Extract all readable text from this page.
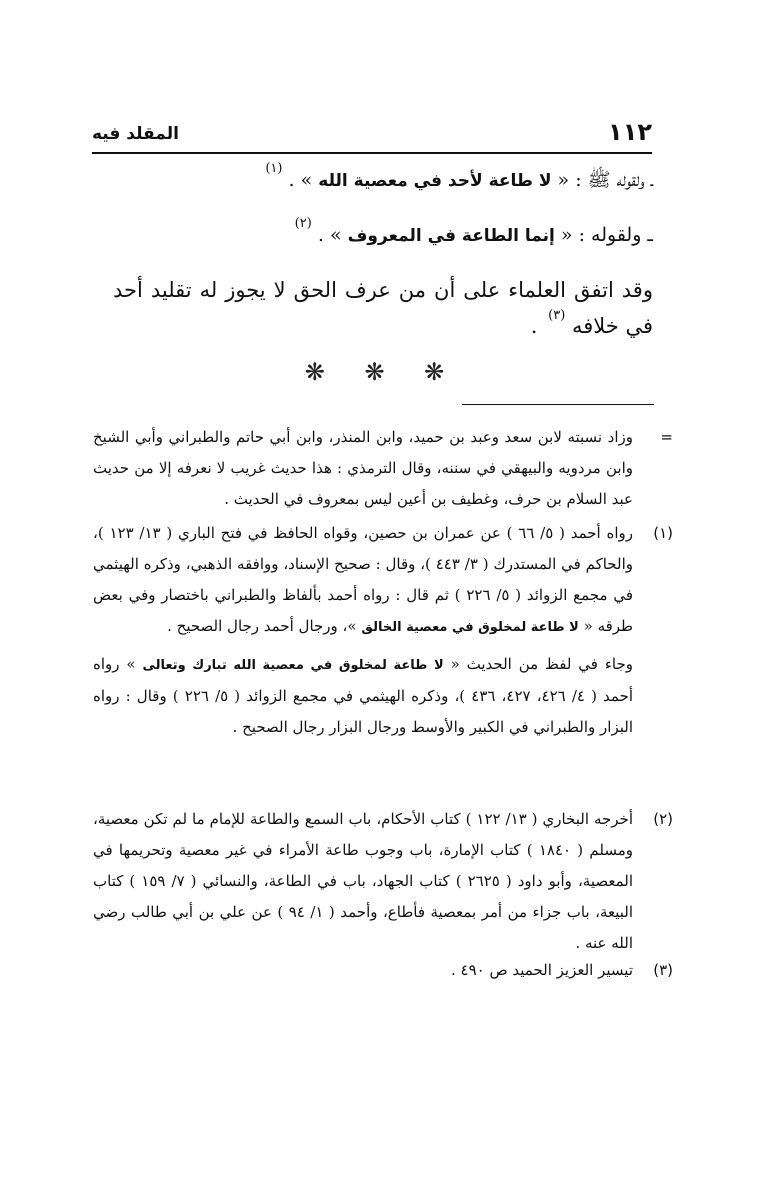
١١٢
المقلد فيه
ـ ولقوله ﷺ : « لا طاعة لأحد في معصية الله » . $^{(١)}$
ـ ولقوله : « إنما الطاعة في المعروف » . $^{(٢)}$
وقد اتفق العلماء على أن من عرف الحق لا يجوز له تقليد أحد في خلافه $^{(٣)}$ .
❋ ❋ ❋
=
وزاد نسبته لابن سعد وعبد بن حميد، وابن المنذر، وابن أبي حاتم والطبراني وأبي الشيخ وابن مردويه والبيهقي في سننه، وقال الترمذي : هذا حديث غريب لا نعرفه إلا من حديث عبد السلام بن حرف، وغطيف بن أعين ليس بمعروف في الحديث .
(١)
رواه أحمد ( ٥/ ٦٦ ) عن عمران بن حصين، وقواه الحافظ في فتح الباري ( ١٣/ ١٢٣ )، والحاكم في المستدرك ( ٣/ ٤٤٣ )، وقال : صحيح الإسناد، ووافقه الذهبي، وذكره الهيثمي في مجمع الزوائد ( ٥/ ٢٢٦ ) ثم قال : رواه أحمد بألفاظ والطبراني باختصار وفي بعض طرقه « لا طاعة لمخلوق في معصية الخالق »، ورجال أحمد رجال الصحيح .
وجاء في لفظ من الحديث « لا طاعة لمخلوق في معصية الله تبارك وتعالى » رواه أحمد ( ٤/ ٤٢٦، ٤٢٧، ٤٣٦ )، وذكره الهيثمي في مجمع الزوائد ( ٥/ ٢٢٦ ) وقال : رواه البزار والطبراني في الكبير والأوسط ورجال البزار رجال الصحيح .
(٢)
أخرجه البخاري ( ١٣/ ١٢٢ ) كتاب الأحكام، باب السمع والطاعة للإمام ما لم تكن معصية، ومسلم ( ١٨٤٠ ) كتاب الإمارة، باب وجوب طاعة الأمراء في غير معصية وتحريمها في المعصية، وأبو داود ( ٢٦٢٥ ) كتاب الجهاد، باب في الطاعة، والنسائي ( ٧/ ١٥٩ ) كتاب البيعة، باب جزاء من أمر بمعصية فأطاع، وأحمد ( ١/ ٩٤ ) عن علي بن أبي طالب رضي الله عنه .
(٣)
تيسير العزيز الحميد ص ٤٩٠ .
